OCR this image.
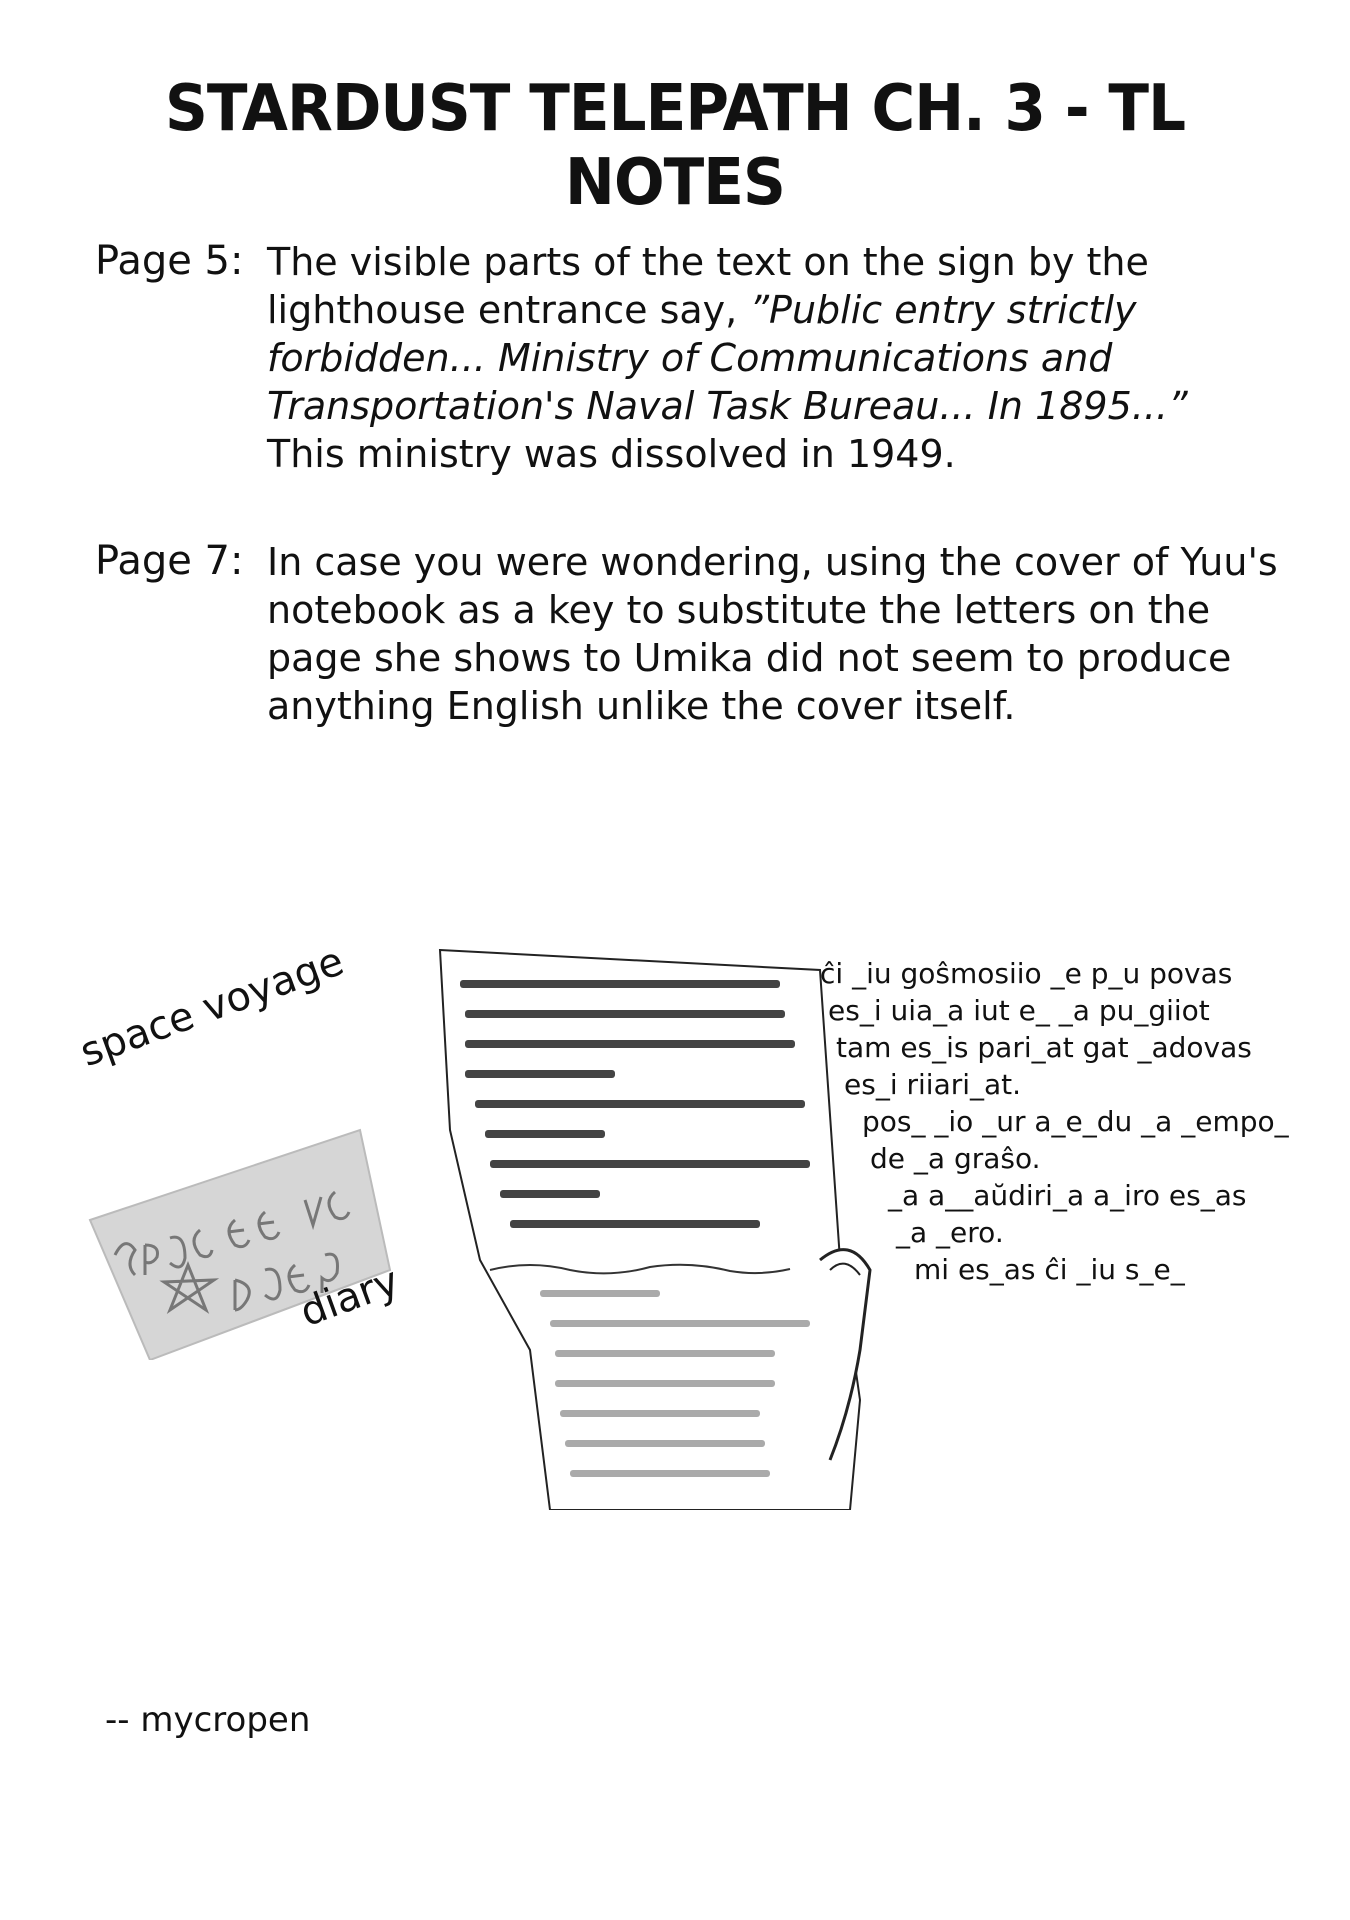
STARDUST TELEPATH CH. 3 - TL NOTES
Page 5: The visible parts of the text on the sign by the
lighthouse entrance say, ”Public entry strictly
forbidden... Ministry of Communications and
Transportation's Naval Task Bureau... In 1895...”
This ministry was dissolved in 1949.
Page 7: In case you were wondering, using the cover of Yuu's
notebook as a key to substitute the letters on the
page she shows to Umika did not seem to produce
anything English unlike the cover itself.
space voyage
diary
ĉi _iu goŝmosiio _e p_u povas
es_i uia_a iut e_ _a pu_giiot
tam es_is pari_at gat _adovas
es_i riiari_at.
pos_ _io _ur a_e_du _a _empo_
de _a graŝo.
_a a__aŭdiri_a a_iro es_as
_a _ero.
mi es_as ĉi _iu s_e_
-- mycropen
